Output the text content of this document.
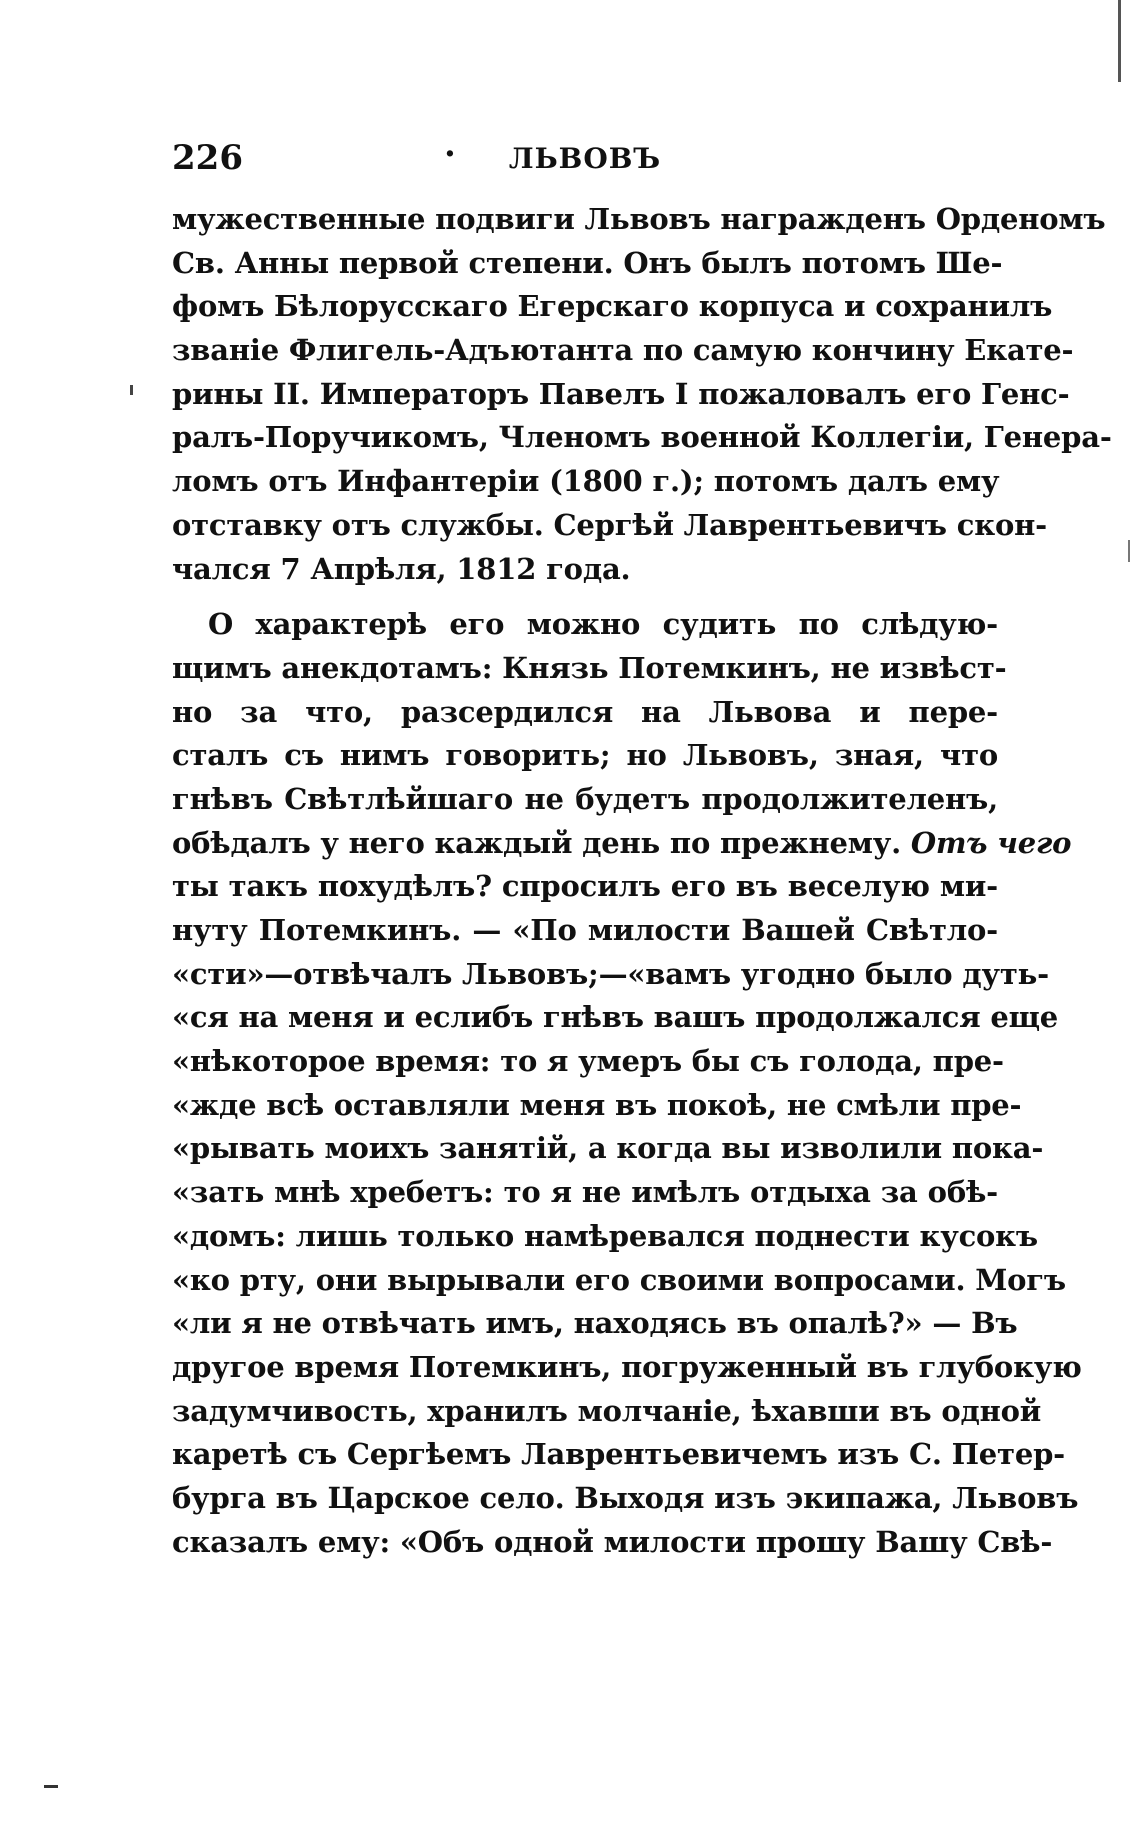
226	·	ЛЬВОВЪ
мужественные подвиги Львовъ награжденъ Орденомъ
Св. Анны первой степени. Онъ былъ потомъ Ше-
фомъ Бѣлорусскаго Егерскаго корпуса и сохранилъ
званіе Флигель-Адъютанта по самую кончину Екате-
рины II. Императоръ Павелъ I пожаловалъ его Генс-
ралъ-Поручикомъ, Членомъ военной Коллегіи, Генера-
ломъ отъ Инфантеріи (1800 г.); потомъ далъ ему
отставку отъ службы. Сергѣй Лаврентьевичъ скон-
чался 7 Апрѣля, 1812 года.
О характерѣ его можно судить по слѣдую-
щимъ анекдотамъ: Князь Потемкинъ, не извѣст-
но за что, разсердился на Львова и пере-
сталъ съ нимъ говорить; но Львовъ, зная, что
гнѣвъ Свѣтлѣйшаго не будетъ продолжителенъ,
обѣдалъ у него каждый день по прежнему. Отъ чего
ты такъ похудѣлъ? спросилъ его въ веселую ми-
нуту Потемкинъ. — «По милости Вашей Свѣтло-
«сти»—отвѣчалъ Львовъ;—«вамъ угодно было дуть-
«ся на меня и еслибъ гнѣвъ вашъ продолжался еще
«нѣкоторое время: то я умеръ бы съ голода, пре-
«жде всѣ оставляли меня въ покоѣ, не смѣли пре-
«рывать моихъ занятій, а когда вы изволили пока-
«зать мнѣ хребетъ: то я не имѣлъ отдыха за обѣ-
«домъ: лишь только намѣревался поднести кусокъ
«ко рту, они вырывали его своими вопросами. Могъ
«ли я не отвѣчать имъ, находясь въ опалѣ?» — Въ
другое время Потемкинъ, погруженный въ глубокую
задумчивость, хранилъ молчаніе, ѣхавши въ одной
каретѣ съ Сергѣемъ Лаврентьевичемъ изъ С. Петер-
бурга въ Царское село. Выходя изъ экипажа, Львовъ
сказалъ ему: «Объ одной милости прошу Вашу Свѣ-
